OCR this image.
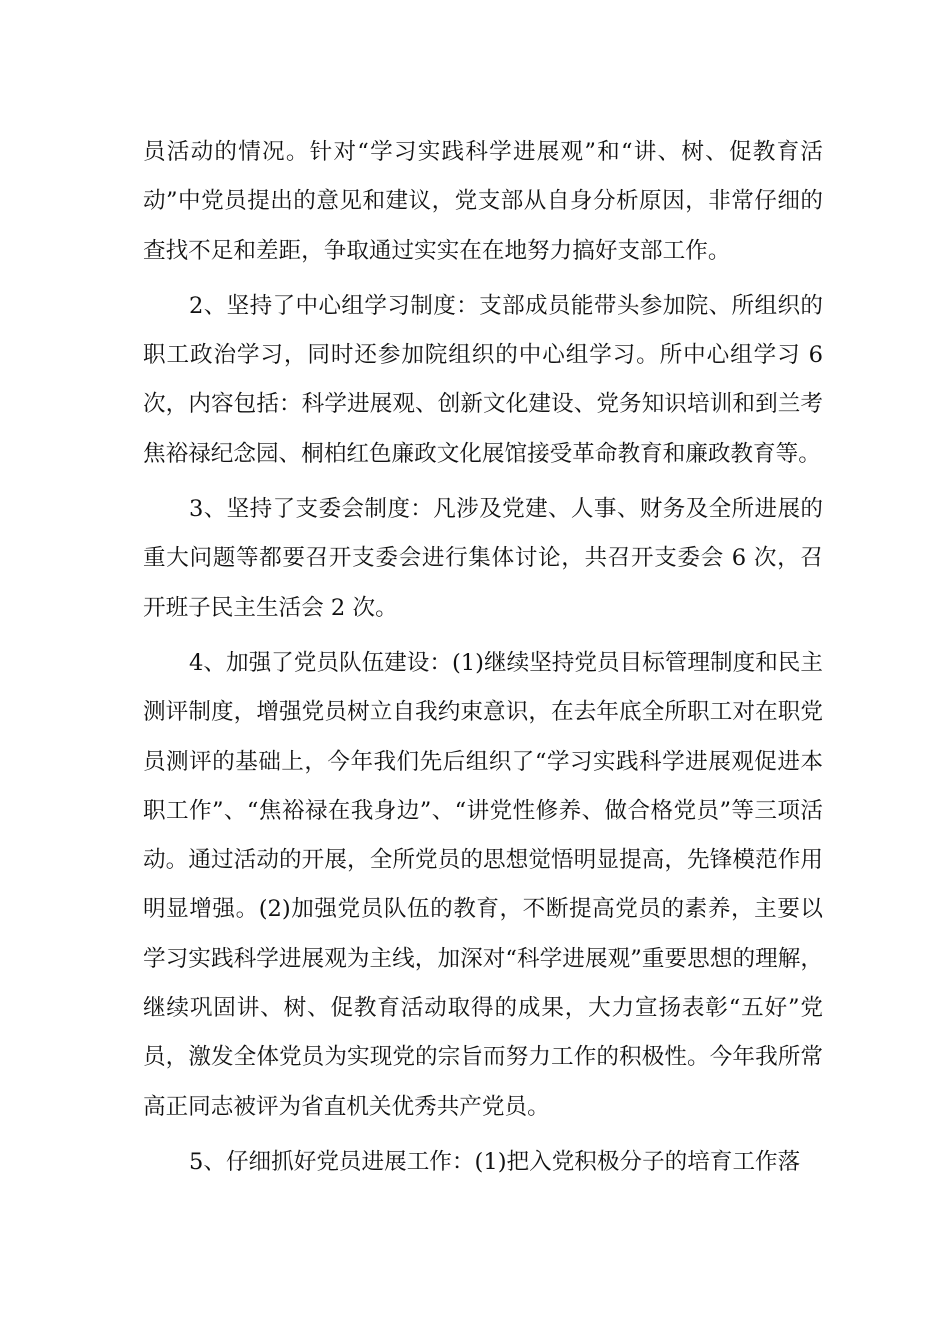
员活动的情况。针对“学习实践科学进展观”和“讲、树、促教育活动”中党员提出的意见和建议，党支部从自身分析原因，非常仔细的查找不足和差距，争取通过实实在在地努力搞好支部工作。

2、坚持了中心组学习制度：支部成员能带头参加院、所组织的职工政治学习，同时还参加院组织的中心组学习。所中心组学习 6 次，内容包括：科学进展观、创新文化建设、党务知识培训和到兰考焦裕禄纪念园、桐柏红色廉政文化展馆接受革命教育和廉政教育等。

3、坚持了支委会制度：凡涉及党建、人事、财务及全所进展的重大问题等都要召开支委会进行集体讨论，共召开支委会 6 次，召开班子民主生活会 2 次。

4、加强了党员队伍建设：(1)继续坚持党员目标管理制度和民主测评制度，增强党员树立自我约束意识，在去年底全所职工对在职党员测评的基础上，今年我们先后组织了“学习实践科学进展观促进本职工作”、“焦裕禄在我身边”、“讲党性修养、做合格党员”等三项活动。通过活动的开展，全所党员的思想觉悟明显提高，先锋模范作用明显增强。(2)加强党员队伍的教育，不断提高党员的素养，主要以学习实践科学进展观为主线，加深对“科学进展观”重要思想的理解，继续巩固讲、树、促教育活动取得的成果，大力宣扬表彰“五好”党员，激发全体党员为实现党的宗旨而努力工作的积极性。今年我所常高正同志被评为省直机关优秀共产党员。

5、仔细抓好党员进展工作：(1)把入党积极分子的培育工作落
